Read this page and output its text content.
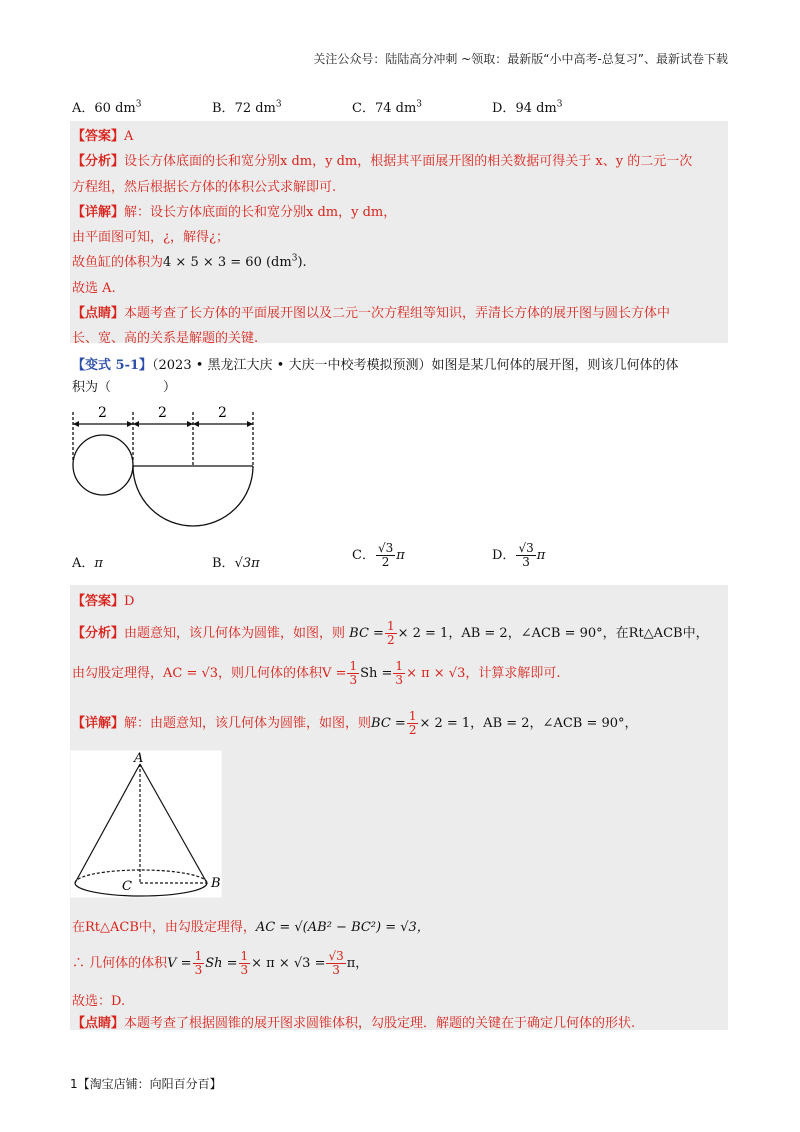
关注公众号：陆陆高分冲刺 ~领取：最新版“小中高考-总复习”、最新试卷下载
A．60 $dm^3$	B．72 $dm^3$	C．74 $dm^3$	D．94 $dm^3$
【答案】A
【分析】设长方体底面的长和宽分别x dm，y dm，根据其平面展开图的相关数据可得关于 x、y 的二元一次
方程组，然后根据长方体的体积公式求解即可.
【详解】解：设长方体底面的长和宽分别x dm，y dm，
由平面图可知，¿，解得¿；
故鱼缸的体积为4 × 5 × 3 = 60 $(dm^3)$.
故选 A.
【点睛】本题考查了长方体的平面展开图以及二元一次方程组等知识，弄清长方体的展开图与圆长方体中
长、宽、高的关系是解题的关键.
【变式 5-1】（2023 • 黑龙江大庆 • 大庆一中校考模拟预测）如图是某几何体的展开图，则该几何体的体
积为（　　　　）
2	2	2
A．π	B．√3π
C． $\frac{√3}{2}$ π	D． $\frac{√3}{3}$ π
【答案】D
【分析】由题意知，该几何体为圆锥，如图，则 BC = $\frac{1}{2} \times 2 = 1$，AB = 2，∠ACB = 90°，在Rt△ACB中，
由勾股定理得，AC = √3，则几何体的体积$V = \frac{1}{3}$ $Sh = \frac{1}{3} \times \pi \times √3$，计算求解即可.
【详解】解：由题意知，该几何体为圆锥，如图，则BC = $\frac{1}{2} \times 2 = 1$，AB = 2，∠ACB = 90°，
A
C	B
在Rt△ACB中，由勾股定理得，AC = √(AB² − BC²) = √3，
∴ 几何体的体积$V = \frac{1}{3}$ $Sh = \frac{1}{3} \times \pi \times √3 = \frac{√3}{3}$ π，
故选：D.
【点睛】本题考查了根据圆锥的展开图求圆锥体积，勾股定理．解题的关键在于确定几何体的形状.
1【淘宝店铺：向阳百分百】
